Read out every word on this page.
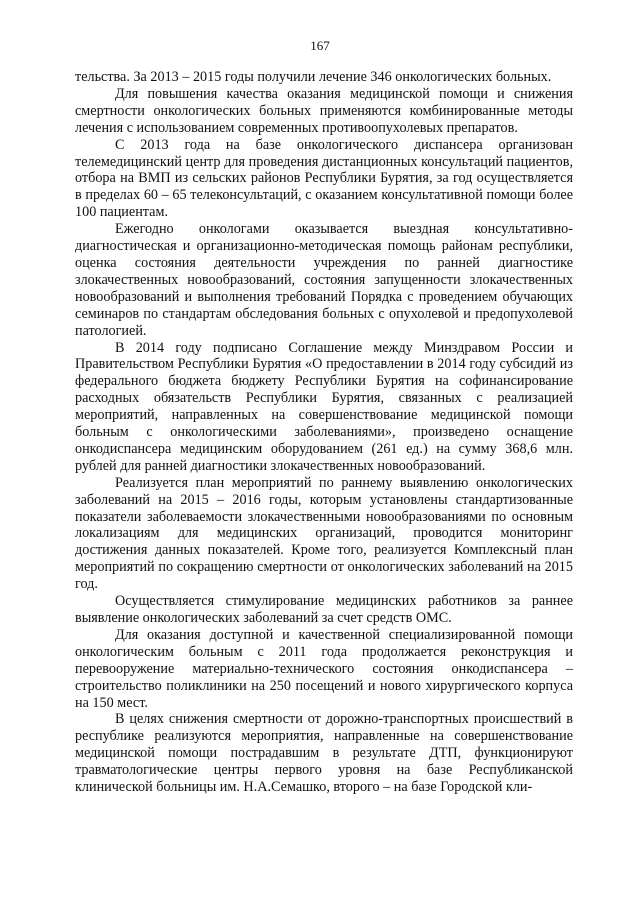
167

тельства. За 2013 – 2015 годы получили лечение 346 онкологических больных.

Для повышения качества оказания медицинской помощи и снижения смертности онкологических больных применяются комбинированные методы лечения с использованием современных противоопухолевых препаратов.

С 2013 года на базе онкологического диспансера организован телемедицинский центр для проведения дистанционных консультаций пациентов, отбора на ВМП из сельских районов Республики Бурятия, за год осуществляется в пределах 60 – 65 телеконсультаций, с оказанием консультативной помощи более 100 пациентам.

Ежегодно онкологами оказывается выездная консультативно-диагностическая и организационно-методическая помощь районам республики, оценка состояния деятельности учреждения по ранней диагностике злокачественных новообразований, состояния запущенности злокачественных новообразований и выполнения требований Порядка с проведением обучающих семинаров по стандартам обследования больных с опухолевой и предопухолевой патологией.

В 2014 году подписано Соглашение между Минздравом России и Правительством Республики Бурятия «О предоставлении в 2014 году субсидий из федерального бюджета бюджету Республики Бурятия на софинансирование расходных обязательств Республики Бурятия, связанных с реализацией мероприятий, направленных на совершенствование медицинской помощи больным с онкологическими заболеваниями», произведено оснащение онкодиспансера медицинским оборудованием (261 ед.) на сумму 368,6 млн. рублей для ранней диагностики злокачественных новообразований.

Реализуется план мероприятий по раннему выявлению онкологических заболеваний на 2015 – 2016 годы, которым установлены стандартизованные показатели заболеваемости злокачественными новообразованиями по основным локализациям для медицинских организаций, проводится мониторинг достижения данных показателей. Кроме того, реализуется Комплексный план мероприятий по сокращению смертности от онкологических заболеваний на 2015 год.

Осуществляется стимулирование медицинских работников за раннее выявление онкологических заболеваний за счет средств ОМС.

Для оказания доступной и качественной специализированной помощи онкологическим больным с 2011 года продолжается реконструкция и перевооружение материально-технического состояния онкодиспансера – строительство поликлиники на 250 посещений и нового хирургического корпуса на 150 мест.

В целях снижения смертности от дорожно-транспортных происшествий в республике реализуются мероприятия, направленные на совершенствование медицинской помощи пострадавшим в результате ДТП, функционируют травматологические центры первого уровня на базе Республиканской клинической больницы им. Н.А.Семашко, второго – на базе Городской кли-
